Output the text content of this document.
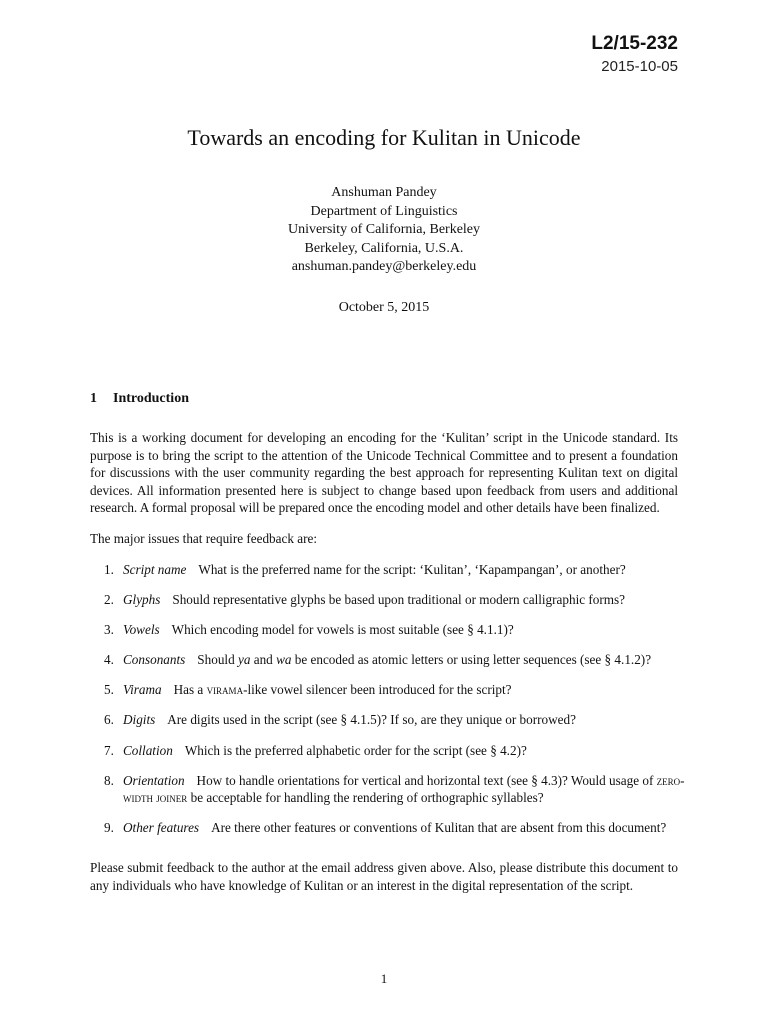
L2/15-232
2015-10-05
Towards an encoding for Kulitan in Unicode
Anshuman Pandey
Department of Linguistics
University of California, Berkeley
Berkeley, California, U.S.A.
anshuman.pandey@berkeley.edu
October 5, 2015
1 Introduction
This is a working document for developing an encoding for the ‘Kulitan’ script in the Unicode standard. Its purpose is to bring the script to the attention of the Unicode Technical Committee and to present a foundation for discussions with the user community regarding the best approach for representing Kulitan text on digital devices. All information presented here is subject to change based upon feedback from users and additional research. A formal proposal will be prepared once the encoding model and other details have been finalized.
The major issues that require feedback are:
1. Script name What is the preferred name for the script: ‘Kulitan’, ‘Kapampangan’, or another?
2. Glyphs Should representative glyphs be based upon traditional or modern calligraphic forms?
3. Vowels Which encoding model for vowels is most suitable (see § 4.1.1)?
4. Consonants Should ya and wa be encoded as atomic letters or using letter sequences (see § 4.1.2)?
5. Virama Has a virama-like vowel silencer been introduced for the script?
6. Digits Are digits used in the script (see § 4.1.5)? If so, are they unique or borrowed?
7. Collation Which is the preferred alphabetic order for the script (see § 4.2)?
8. Orientation How to handle orientations for vertical and horizontal text (see § 4.3)? Would usage of zero-width joiner be acceptable for handling the rendering of orthographic syllables?
9. Other features Are there other features or conventions of Kulitan that are absent from this document?
Please submit feedback to the author at the email address given above. Also, please distribute this document to any individuals who have knowledge of Kulitan or an interest in the digital representation of the script.
1
